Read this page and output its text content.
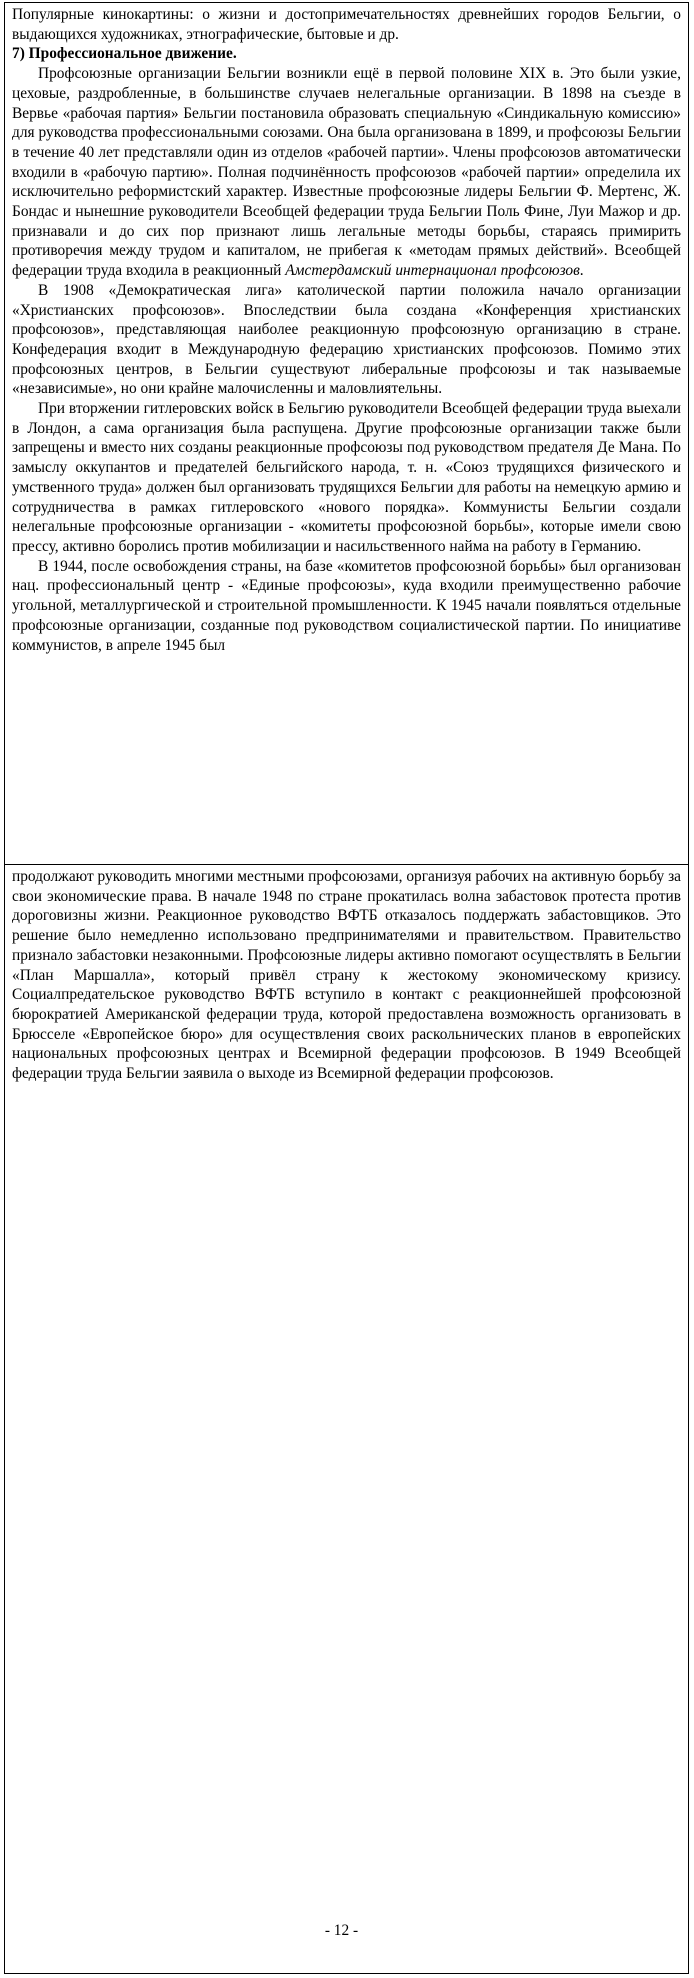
Популярные кинокартины: о жизни и достопримечательностях древнейших городов Бельгии, о выдающихся художниках, этнографические, бытовые и др.

7) Профессиональное движение.

Профсоюзные организации Бельгии возникли ещё в первой половине XIX в. Это были узкие, цеховые, раздробленные, в большинстве случаев нелегальные организации. В 1898 на съезде в Вервье «рабочая партия» Бельгии постановила образовать специальную «Синдикальную комиссию» для руководства профессиональными союзами. Она была организована в 1899, и профсоюзы Бельгии в течение 40 лет представляли один из отделов «рабочей партии». Члены профсоюзов автоматически входили в «рабочую партию». Полная подчинённость профсоюзов «рабочей партии» определила их исключительно реформистский характер. Известные профсоюзные лидеры Бельгии Ф. Мертенс, Ж. Бондас и нынешние руководители Всеобщей федерации труда Бельгии Поль Фине, Луи Мажор и др. признавали и до сих пор признают лишь легальные методы борьбы, стараясь примирить противоречия между трудом и капиталом, не прибегая к «методам прямых действий». Всеобщей федерации труда входила в реакционный Амстердамский интернационал профсоюзов.

В 1908 «Демократическая лига» католической партии положила начало организации «Христианских профсоюзов». Впоследствии была создана «Конференция христианских профсоюзов», представляющая наиболее реакционную профсоюзную организацию в стране. Конфедерация входит в Международную федерацию христианских профсоюзов. Помимо этих профсоюзных центров, в Бельгии существуют либеральные профсоюзы и так называемые «независимые», но они крайне малочисленны и маловлиятельны.

При вторжении гитлеровских войск в Бельгию руководители Всеобщей федерации труда выехали в Лондон, а сама организация была распущена. Другие профсоюзные организации также были запрещены и вместо них созданы реакционные профсоюзы под руководством предателя Де Мана. По замыслу оккупантов и предателей бельгийского народа, т. н. «Союз трудящихся физического и умственного труда» должен был организовать трудящихся Бельгии для работы на немецкую армию и сотрудничества в рамках гитлеровского «нового порядка». Коммунисты Бельгии создали нелегальные профсоюзные организации - «комитеты профсоюзной борьбы», которые имели свою прессу, активно боролись против мобилизации и насильственного найма на работу в Германию.

В 1944, после освобождения страны, на базе «комитетов профсоюзной борьбы» был организован нац. профессиональный центр - «Единые профсоюзы», куда входили преимущественно рабочие угольной, металлургической и строительной промышленности. К 1945 начали появляться отдельные профсоюзные организации, созданные под руководством социалистической партии. По инициативе коммунистов, в апреле 1945 был

продолжают руководить многими местными профсоюзами, организуя рабочих на активную борьбу за свои экономические права. В начале 1948 по стране прокатилась волна забастовок протеста против дороговизны жизни. Реакционное руководство ВФТБ отказалось поддержать забастовщиков. Это решение было немедленно использовано предпринимателями и правительством. Правительство признало забастовки незаконными. Профсоюзные лидеры активно помогают осуществлять в Бельгии «План Маршалла», который привёл страну к жестокому экономическому кризису. Социалпредательское руководство ВФТБ вступило в контакт с реакционнейшей профсоюзной бюрократией Американской федерации труда, которой предоставлена возможность организовать в Брюсселе «Европейское бюро» для осуществления своих раскольнических планов в европейских национальных профсоюзных центрах и Всемирной федерации профсоюзов. В 1949 Всеобщей федерации труда Бельгии заявила о выходе из Всемирной федерации профсоюзов.

- 12 -
